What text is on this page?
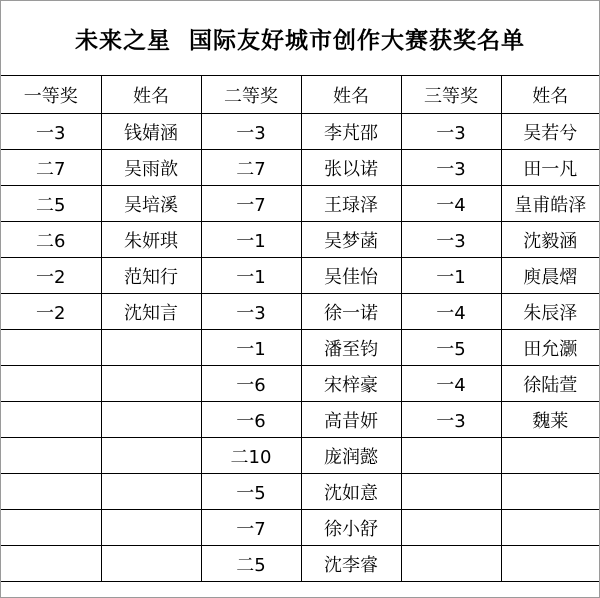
未来之星  国际友好城市创作大赛获奖名单
一等奖	姓名	二等奖	姓名	三等奖	姓名
一3	钱婧涵	一3	李芃邵	一3	吴若兮
二7	吴雨歆	二7	张以诺	一3	田一凡
二5	吴培溪	一7	王琭泽	一4	皇甫皓泽
二6	朱妍琪	一1	吴梦菡	一3	沈毅涵
一2	范知行	一1	吴佳怡	一1	庾晨熠
一2	沈知言	一3	徐一诺	一4	朱辰泽
		一1	潘至钧	一5	田允灏
		一6	宋梓豪	一4	徐陆萱
		一6	高昔妍	一3	魏莱
		二10	庞润懿		
		一5	沈如意		
		一7	徐小舒		
		二5	沈李睿		
